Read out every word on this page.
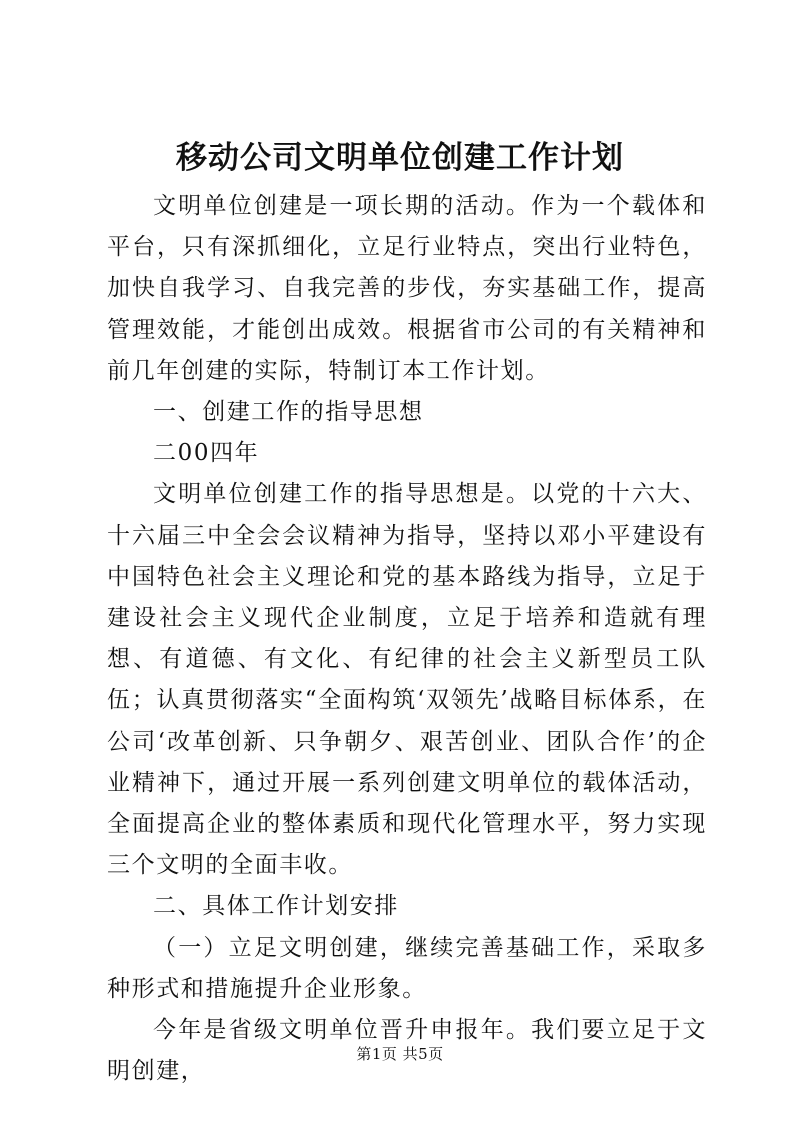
移动公司文明单位创建工作计划

文明单位创建是一项长期的活动。作为一个载体和平台，只有深抓细化，立足行业特点，突出行业特色，加快自我学习、自我完善的步伐，夯实基础工作，提高管理效能，才能创出成效。根据省市公司的有关精神和前几年创建的实际，特制订本工作计划。

一、创建工作的指导思想

二00四年

文明单位创建工作的指导思想是。以党的十六大、十六届三中全会会议精神为指导，坚持以邓小平建设有中国特色社会主义理论和党的基本路线为指导，立足于建设社会主义现代企业制度，立足于培养和造就有理想、有道德、有文化、有纪律的社会主义新型员工队伍；认真贯彻落实“全面构筑‘双领先’战略目标体系，在公司‘改革创新、只争朝夕、艰苦创业、团队合作’的企业精神下，通过开展一系列创建文明单位的载体活动，全面提高企业的整体素质和现代化管理水平，努力实现三个文明的全面丰收。

二、具体工作计划安排

（一）立足文明创建，继续完善基础工作，采取多种形式和措施提升企业形象。

今年是省级文明单位晋升申报年。我们要立足于文明创建，

第1页 共5页
